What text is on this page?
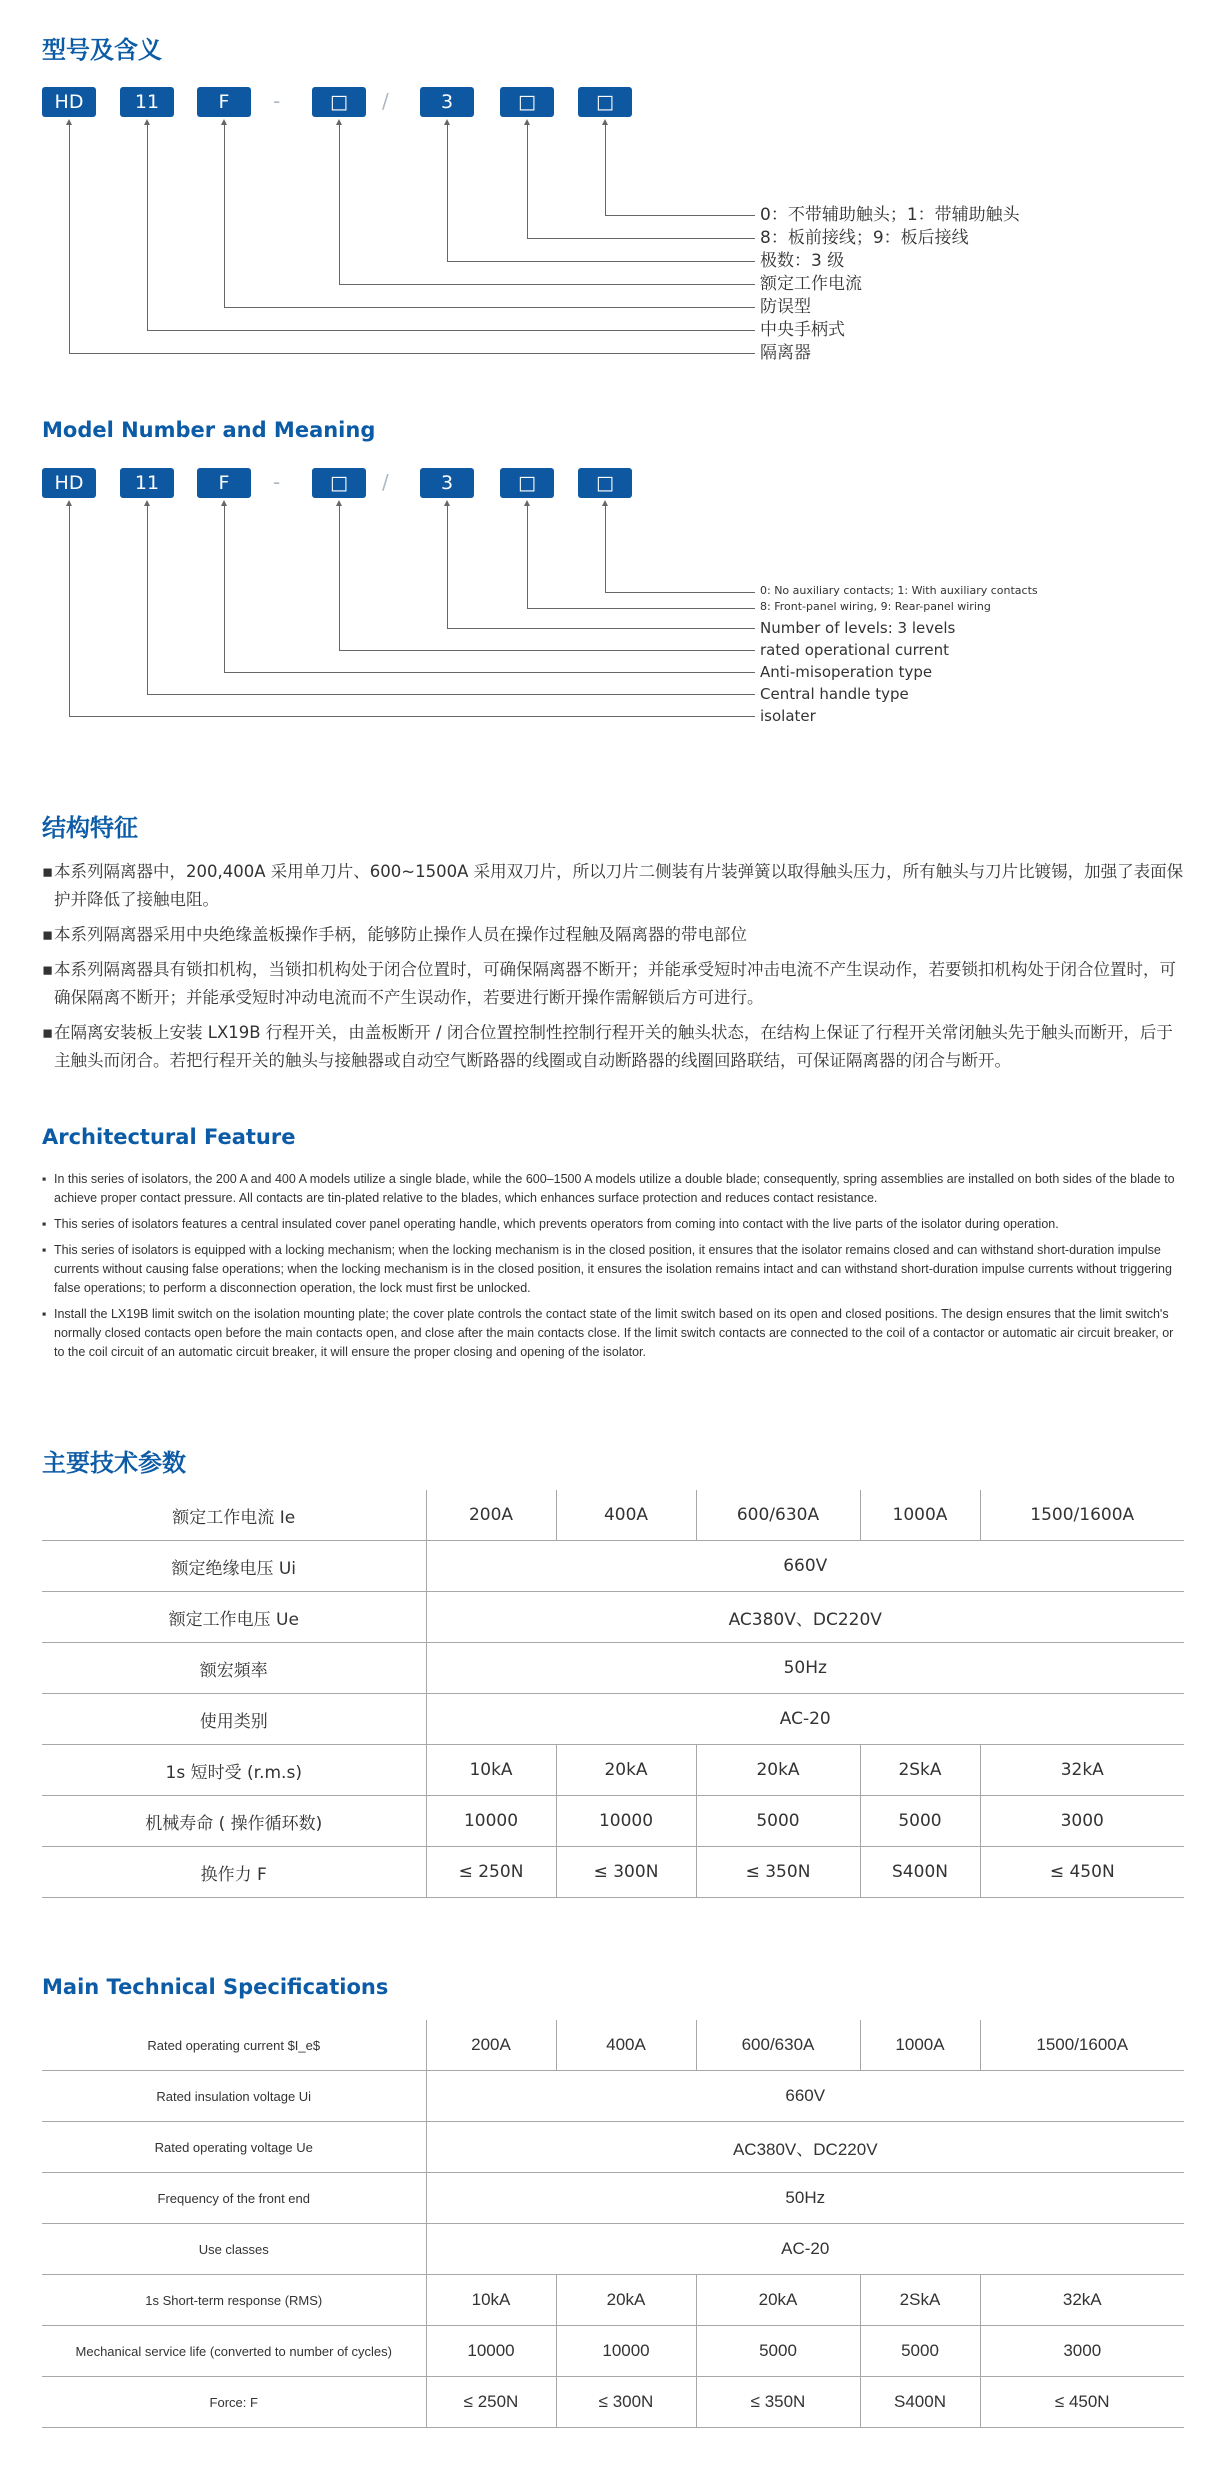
型号及含义
HD	11	F	-	□	/	3	□	□
0：不带辅助触头；1：带辅助触头
8：板前接线；9：板后接线
极数：3 级
额定工作电流
防误型
中央手柄式
隔离器
Model Number and Meaning
HD	11	F	-	□	/	3	□	□
0: No auxiliary contacts; 1: With auxiliary contacts
8: Front-panel wiring, 9: Rear-panel wiring
Number of levels: 3 levels
rated operational current
Anti-misoperation type
Central handle type
isolater
结构特征
▪ 本系列隔离器中，200,400A 采用单刀片、600~1500A 采用双刀片，所以刀片二侧装有片装弹簧以取得触头压力，所有触头与刀片比镀锡，加强了表面保护并降低了接触电阻。
▪ 本系列隔离器采用中央绝缘盖板操作手柄，能够防止操作人员在操作过程触及隔离器的带电部位
▪ 本系列隔离器具有锁扣机构，当锁扣机构处于闭合位置时，可确保隔离器不断开；并能承受短时冲击电流不产生误动作，若要锁扣机构处于闭合位置时，可确保隔离不断开；并能承受短时冲动电流而不产生误动作，若要进行断开操作需解锁后方可进行。
▪ 在隔离安装板上安装 LX19B 行程开关，由盖板断开 / 闭合位置控制性控制行程开关的触头状态，在结构上保证了行程开关常闭触头先于触头而断开，后于主触头而闭合。若把行程开关的触头与接触器或自动空气断路器的线圈或自动断路器的线圈回路联结，可保证隔离器的闭合与断开。
Architectural Feature
▪ In this series of isolators, the 200 A and 400 A models utilize a single blade, while the 600–1500 A models utilize a double blade; consequently, spring assemblies are installed on both sides of the blade to achieve proper contact pressure. All contacts are tin-plated relative to the blades, which enhances surface protection and reduces contact resistance.
▪ This series of isolators features a central insulated cover panel operating handle, which prevents operators from coming into contact with the live parts of the isolator during operation.
▪ This series of isolators is equipped with a locking mechanism; when the locking mechanism is in the closed position, it ensures that the isolator remains closed and can withstand short-duration impulse currents without causing false operations; when the locking mechanism is in the closed position, it ensures the isolation remains intact and can withstand short-duration impulse currents without triggering false operations; to perform a disconnection operation, the lock must first be unlocked.
▪ Install the LX19B limit switch on the isolation mounting plate; the cover plate controls the contact state of the limit switch based on its open and closed positions. The design ensures that the limit switch's normally closed contacts open before the main contacts open, and close after the main contacts close. If the limit switch contacts are connected to the coil of a contactor or automatic air circuit breaker, or to the coil circuit of an automatic circuit breaker, it will ensure the proper closing and opening of the isolator.
主要技术参数
额定工作电流 Ie	200A	400A	600/630A	1000A	1500/1600A
额定绝缘电压 Ui	660V				
额定工作电压 Ue	AC380V、DC220V				
额宏頻率	50Hz				
使用类别	AC-20				
1s 短时受 (r.m.s)	10kA	20kA	20kA	2SkA	32kA
机械寿命 ( 操作循环数)	10000	10000	5000	5000	3000
换作力 F	≤ 250N	≤ 300N	≤ 350N	S400N	≤ 450N
Main Technical Specifications
Rated operating current $I_e$	200A	400A	600/630A	1000A	1500/1600A
Rated insulation voltage Ui	660V				
Rated operating voltage Ue	AC380V、DC220V				
Frequency of the front end	50Hz				
Use classes	AC-20				
1s Short-term response (RMS)	10kA	20kA	20kA	2SkA	32kA
Mechanical service life (converted to number of cycles)	10000	10000	5000	5000	3000
Force: F	≤ 250N	≤ 300N	≤ 350N	S400N	≤ 450N
